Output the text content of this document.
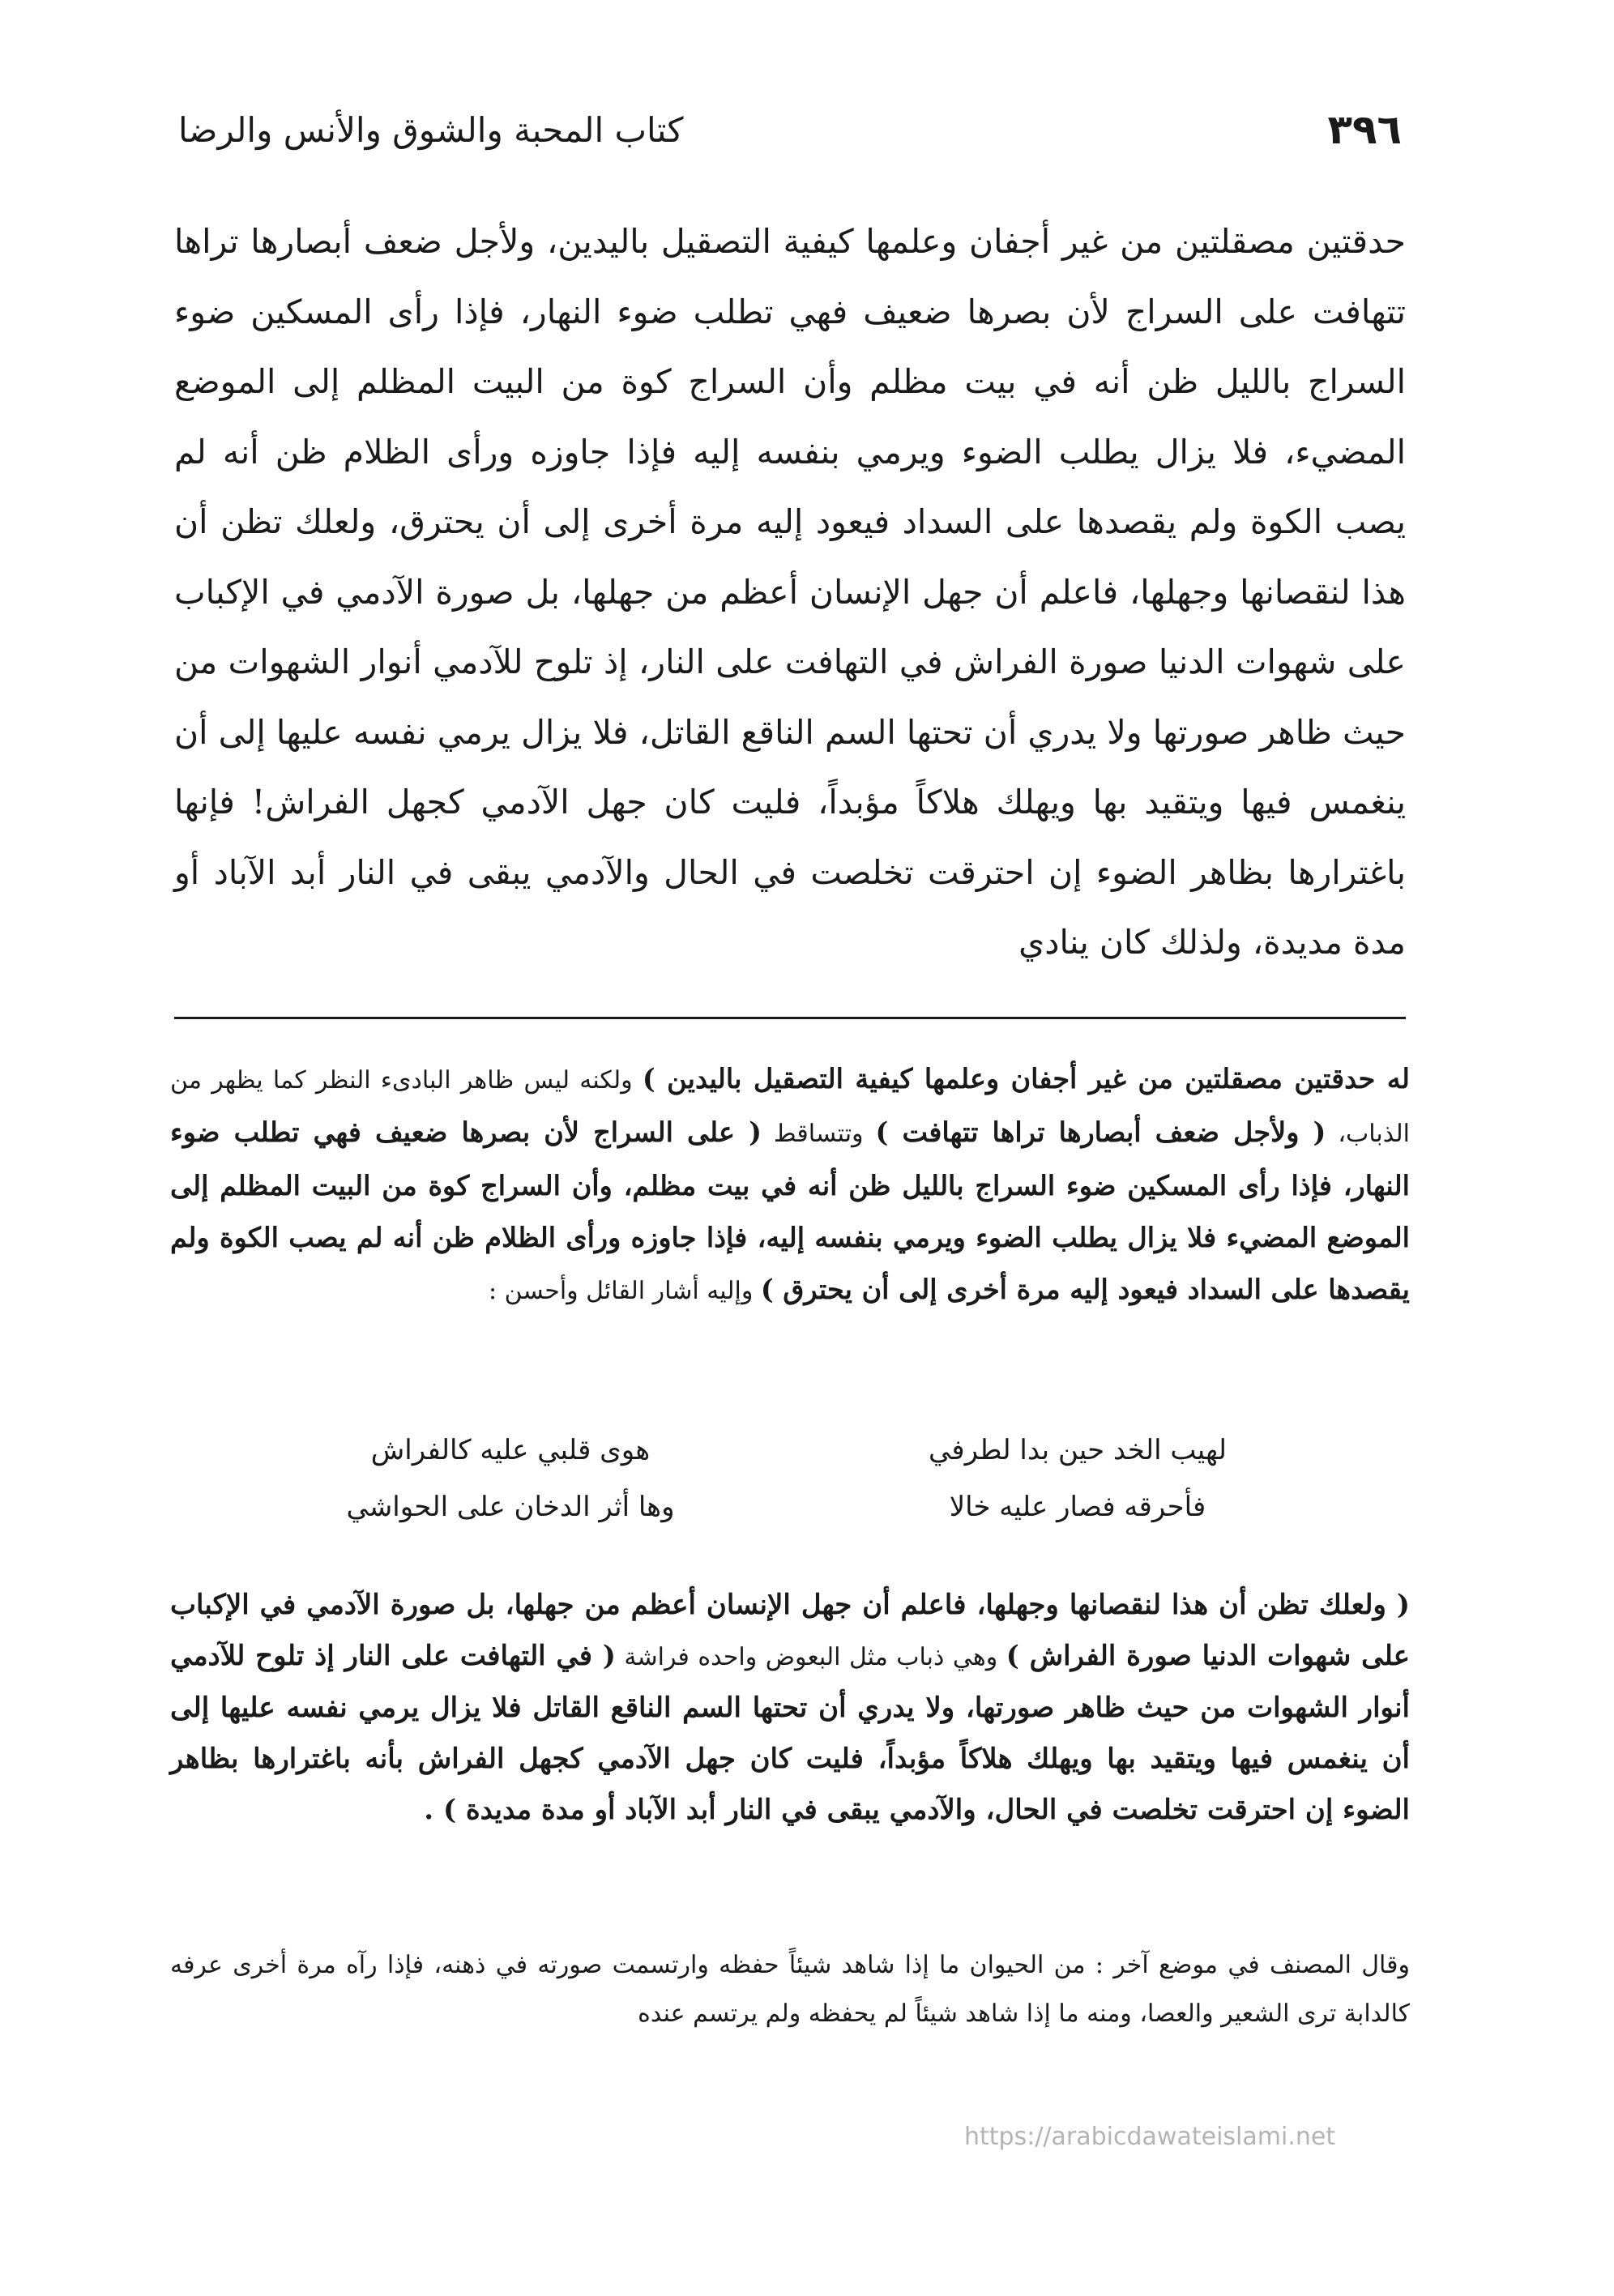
٣٩٦
كتاب المحبة والشوق والأنس والرضا

حدقتين مصقلتين من غير أجفان وعلمها كيفية التصقيل باليدين، ولأجل ضعف أبصارها تراها تتهافت على السراج لأن بصرها ضعيف فهي تطلب ضوء النهار، فإذا رأى المسكين ضوء السراج بالليل ظن أنه في بيت مظلم وأن السراج كوة من البيت المظلم إلى الموضع المضيء، فلا يزال يطلب الضوء ويرمي بنفسه إليه فإذا جاوزه ورأى الظلام ظن أنه لم يصب الكوة ولم يقصدها على السداد فيعود إليه مرة أخرى إلى أن يحترق، ولعلك تظن أن هذا لنقصانها وجهلها، فاعلم أن جهل الإنسان أعظم من جهلها، بل صورة الآدمي في الإكباب على شهوات الدنيا صورة الفراش في التهافت على النار، إذ تلوح للآدمي أنوار الشهوات من حيث ظاهر صورتها ولا يدري أن تحتها السم الناقع القاتل، فلا يزال يرمي نفسه عليها إلى أن ينغمس فيها ويتقيد بها ويهلك هلاكاً مؤبداً، فليت كان جهل الآدمي كجهل الفراش! فإنها باغترارها بظاهر الضوء إن احترقت تخلصت في الحال والآدمي يبقى في النار أبد الآباد أو مدة مديدة، ولذلك كان ينادي

له حدقتين مصقلتين من غير أجفان وعلمها كيفية التصقيل باليدين ) ولكنه ليس ظاهر البادىء النظر كما يظهر من الذباب، ( ولأجل ضعف أبصارها تراها تتهافت ) وتتساقط ( على السراج لأن بصرها ضعيف فهي تطلب ضوء النهار، فإذا رأى المسكين ضوء السراج بالليل ظن أنه في بيت مظلم، وأن السراج كوة من البيت المظلم إلى الموضع المضيء فلا يزال يطلب الضوء ويرمي بنفسه إليه، فإذا جاوزه ورأى الظلام ظن أنه لم يصب الكوة ولم يقصدها على السداد فيعود إليه مرة أخرى إلى أن يحترق ) وإليه أشار القائل وأحسن :

لهيب الخد حين بدا لطرفي
هوى قلبي عليه كالفراش
فأحرقه فصار عليه خالا
وها أثر الدخان على الحواشي

( ولعلك تظن أن هذا لنقصانها وجهلها، فاعلم أن جهل الإنسان أعظم من جهلها، بل صورة الآدمي في الإكباب على شهوات الدنيا صورة الفراش ) وهي ذباب مثل البعوض واحده فراشة ( في التهافت على النار إذ تلوح للآدمي أنوار الشهوات من حيث ظاهر صورتها، ولا يدري أن تحتها السم الناقع القاتل فلا يزال يرمي نفسه عليها إلى أن ينغمس فيها ويتقيد بها ويهلك هلاكاً مؤبداً، فليت كان جهل الآدمي كجهل الفراش بأنه باغترارها بظاهر الضوء إن احترقت تخلصت في الحال، والآدمي يبقى في النار أبد الآباد أو مدة مديدة ) .

وقال المصنف في موضع آخر : من الحيوان ما إذا شاهد شيئاً حفظه وارتسمت صورته في ذهنه، فإذا رآه مرة أخرى عرفه كالدابة ترى الشعير والعصا، ومنه ما إذا شاهد شيئاً لم يحفظه ولم يرتسم عنده

https://arabicdawateislami.net
